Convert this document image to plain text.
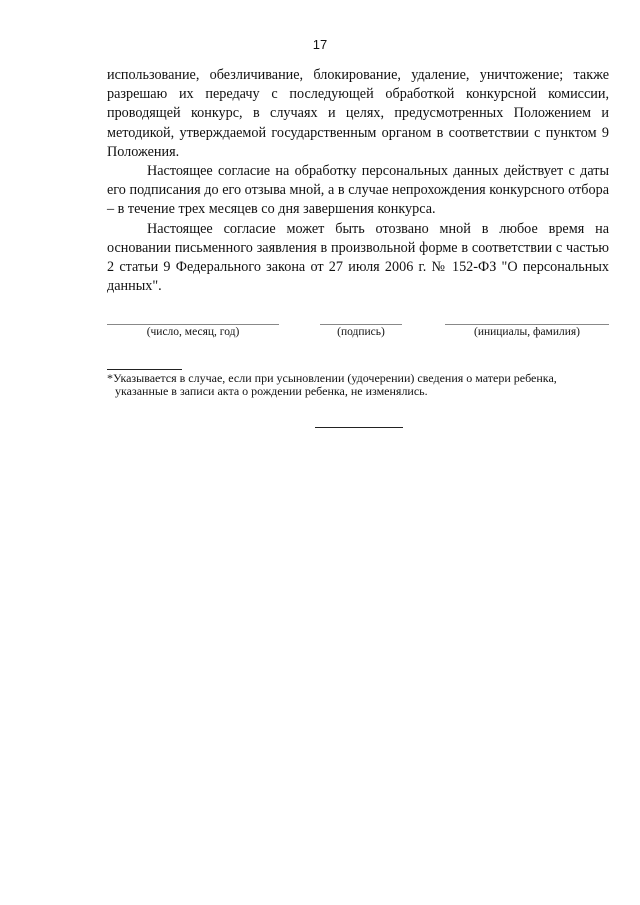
17

использование, обезличивание, блокирование, удаление, уничтожение; также разрешаю их передачу с последующей обработкой конкурсной комиссии, проводящей конкурс, в случаях и целях, предусмотренных Положением и методикой, утверждаемой государственным органом в соответствии с пунктом 9 Положения.

Настоящее согласие на обработку персональных данных действует с даты его подписания до его отзыва мной, а в случае непрохождения конкурсного отбора – в течение трех месяцев со дня завершения конкурса.

Настоящее согласие может быть отозвано мной в любое время на основании письменного заявления в произвольной форме в соответствии с частью 2 статьи 9 Федерального закона от 27 июля 2006 г. № 152-ФЗ "О персональных данных".

(число, месяц, год)	(подпись)	(инициалы, фамилия)

*Указывается в случае, если при усыновлении (удочерении) сведения о матери ребенка,

указанные в записи акта о рождении ребенка, не изменялись.
